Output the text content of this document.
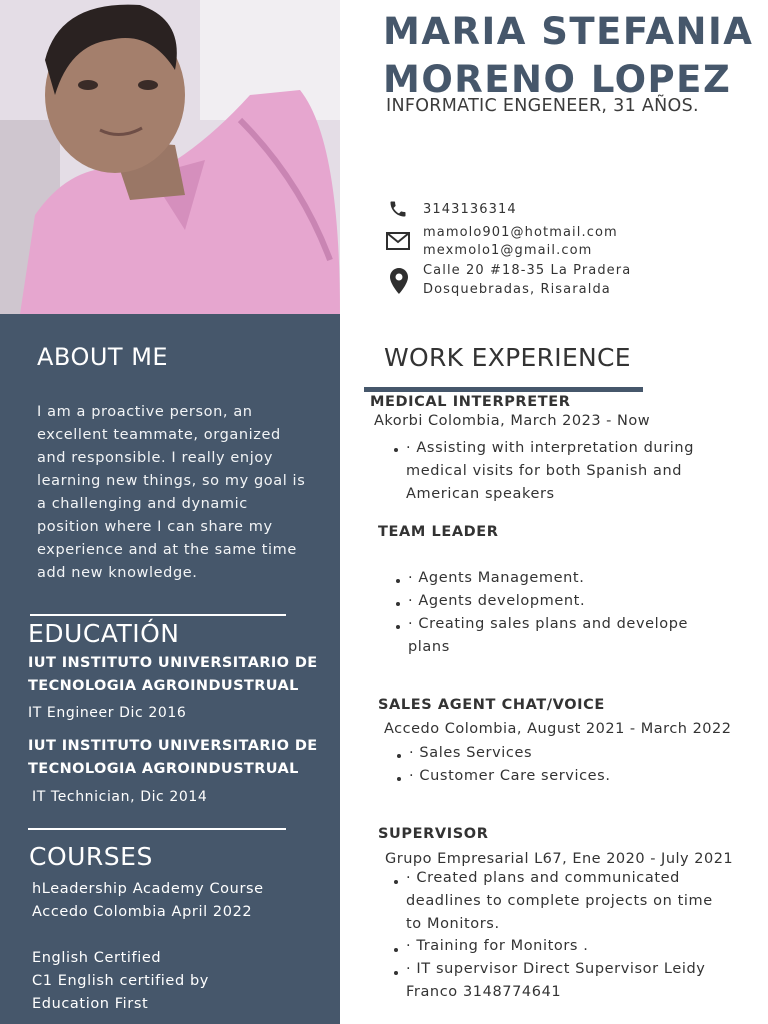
ABOUT ME

I am a proactive person, an excellent teammate, organized and responsible. I really enjoy learning new things, so my goal is a challenging and dynamic position where I can share my experience and at the same time add new knowledge.

EDUCATIÓN
IUT INSTITUTO UNIVERSITARIO DE TECNOLOGIA AGROINDUSTRUAL
IT Engineer Dic 2016
IUT INSTITUTO UNIVERSITARIO DE TECNOLOGIA AGROINDUSTRUAL
IT Technician, Dic 2014
COURSES
hLeadership Academy Course
Accedo Colombia April 2022
English Certified
C1 English certified by
Education First
MARIA STEFANIA MORENO LOPEZ
INFORMATIC ENGENEER, 31 AÑOS.
3143136314
mamolo901@hotmail.com
mexmolo1@gmail.com
Calle 20 #18-35 La Pradera
Dosquebradas, Risaralda
WORK EXPERIENCE
MEDICAL INTERPRETER
Akorbi Colombia, March 2023 - Now
· Assisting with interpretation during medical visits for both Spanish and American speakers
TEAM LEADER
· Agents Management.
· Agents development.
· Creating sales plans and develope plans
SALES AGENT CHAT/VOICE
Accedo Colombia, August 2021 - March 2022
· Sales Services
· Customer Care services.
SUPERVISOR
Grupo Empresarial L67, Ene 2020 - July 2021
· Created plans and communicated deadlines to complete projects on time to Monitors.
· Training for Monitors .
· IT supervisor Direct Supervisor Leidy Franco 3148774641
